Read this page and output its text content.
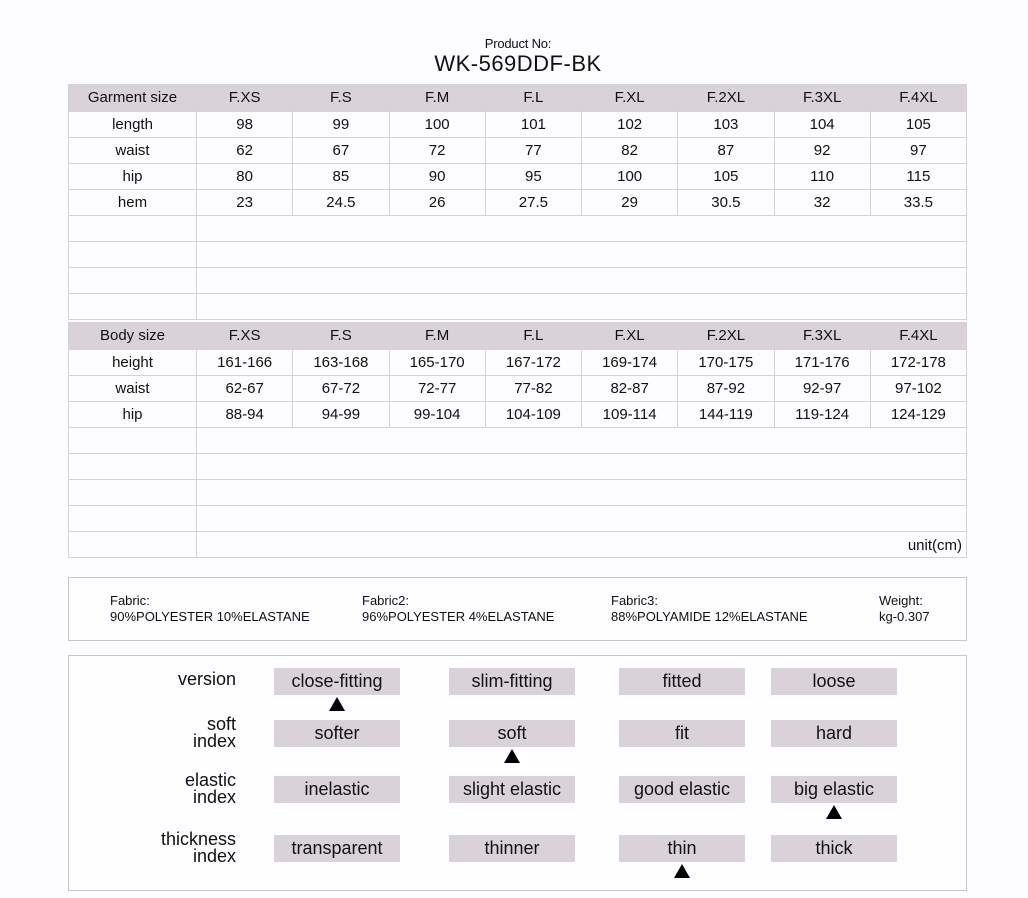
Product No:
WK-569DDF-BK
Garment size	F.XS	F.S	F.M	F.L	F.XL	F.2XL	F.3XL	F.4XL
length	98	99	100	101	102	103	104	105
waist	62	67	72	77	82	87	92	97
hip	80	85	90	95	100	105	110	115
hem	23	24.5	26	27.5	29	30.5	32	33.5

Body size	F.XS	F.S	F.M	F.L	F.XL	F.2XL	F.3XL	F.4XL
height	161-166	163-168	165-170	167-172	169-174	170-175	171-176	172-178
waist	62-67	67-72	72-77	77-82	82-87	87-92	92-97	97-102
hip	88-94	94-99	99-104	104-109	109-114	144-119	119-124	124-129

	unit(cm)							
Fabric:
90%POLYESTER 10%ELASTANE
Fabric2:
96%POLYESTER 4%ELASTANE
Fabric3:
88%POLYAMIDE 12%ELASTANE
Weight:
kg-0.307
version	close-fitting	slim-fitting	fitted	loose
soft
index	softer	soft	fit	hard
elastic
index	inelastic	slight elastic	good elastic	big elastic
thickness
index	transparent	thinner	thin	thick
